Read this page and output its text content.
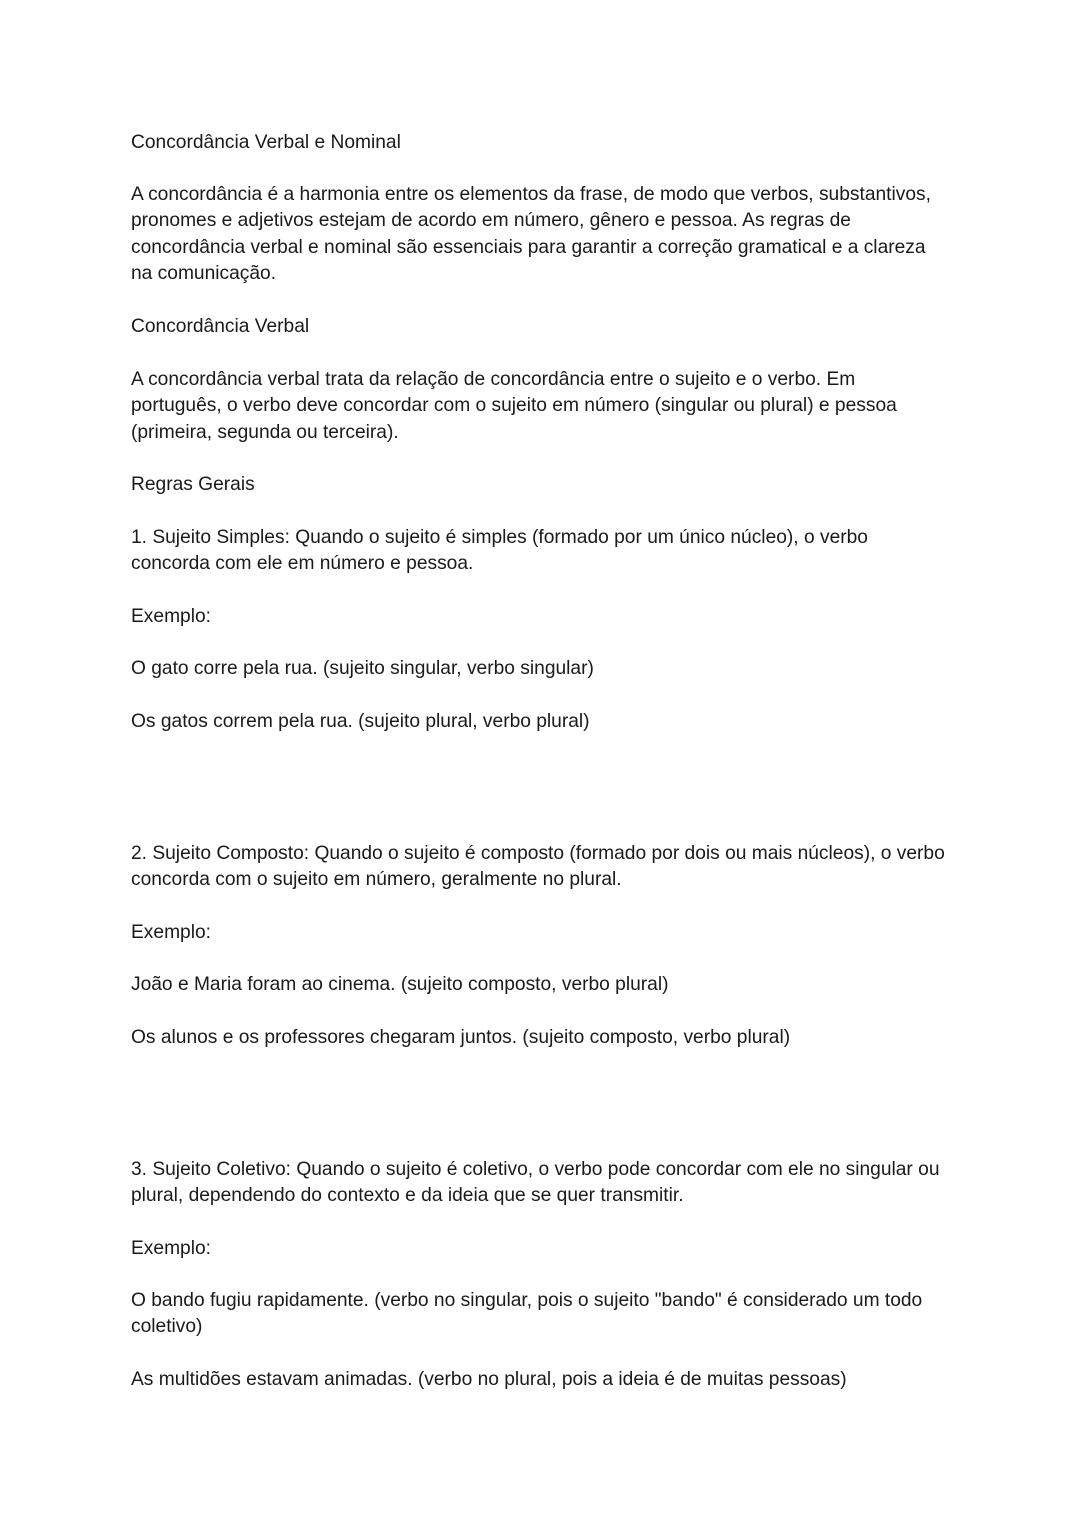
Concordância Verbal e Nominal

A concordância é a harmonia entre os elementos da frase, de modo que verbos, substantivos, pronomes e adjetivos estejam de acordo em número, gênero e pessoa. As regras de concordância verbal e nominal são essenciais para garantir a correção gramatical e a clareza na comunicação.

Concordância Verbal

A concordância verbal trata da relação de concordância entre o sujeito e o verbo. Em português, o verbo deve concordar com o sujeito em número (singular ou plural) e pessoa (primeira, segunda ou terceira).

Regras Gerais

1. Sujeito Simples: Quando o sujeito é simples (formado por um único núcleo), o verbo concorda com ele em número e pessoa.

Exemplo:

O gato corre pela rua. (sujeito singular, verbo singular)

Os gatos correm pela rua. (sujeito plural, verbo plural)

2. Sujeito Composto: Quando o sujeito é composto (formado por dois ou mais núcleos), o verbo concorda com o sujeito em número, geralmente no plural.

Exemplo:

João e Maria foram ao cinema. (sujeito composto, verbo plural)

Os alunos e os professores chegaram juntos. (sujeito composto, verbo plural)

3. Sujeito Coletivo: Quando o sujeito é coletivo, o verbo pode concordar com ele no singular ou plural, dependendo do contexto e da ideia que se quer transmitir.

Exemplo:

O bando fugiu rapidamente. (verbo no singular, pois o sujeito "bando" é considerado um todo coletivo)

As multidões estavam animadas. (verbo no plural, pois a ideia é de muitas pessoas)
